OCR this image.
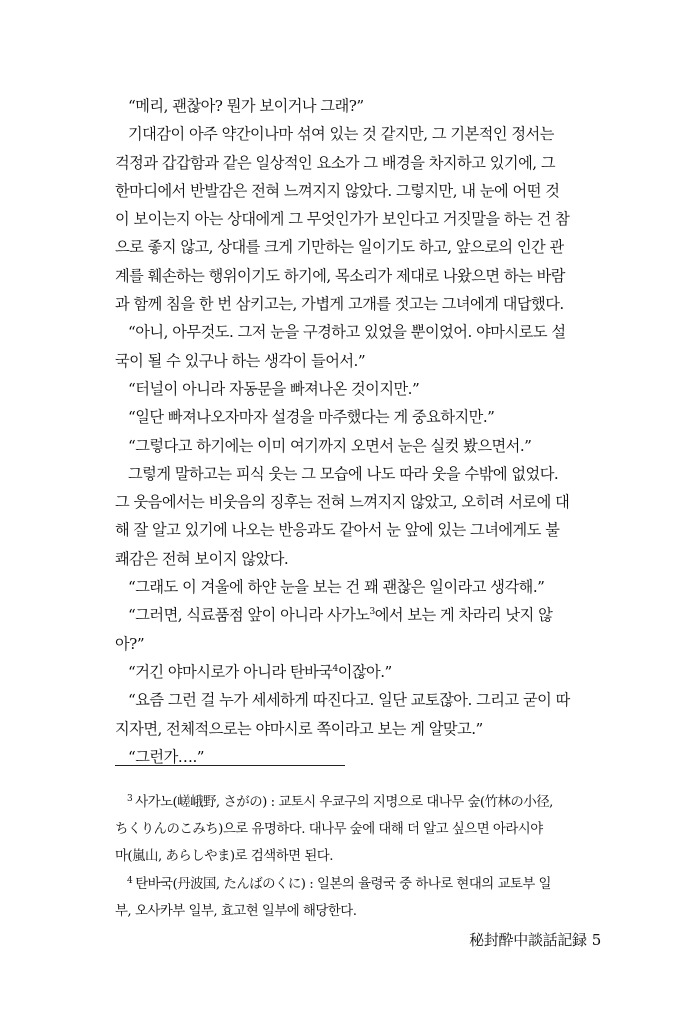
“메리, 괜찮아? 뭔가 보이거나 그래?”
기대감이 아주 약간이나마 섞여 있는 것 같지만, 그 기본적인 정서는
걱정과 갑갑함과 같은 일상적인 요소가 그 배경을 차지하고 있기에, 그
한마디에서 반발감은 전혀 느껴지지 않았다. 그렇지만, 내 눈에 어떤 것
이 보이는지 아는 상대에게 그 무엇인가가 보인다고 거짓말을 하는 건 참
으로 좋지 않고, 상대를 크게 기만하는 일이기도 하고, 앞으로의 인간 관
계를 훼손하는 행위이기도 하기에, 목소리가 제대로 나왔으면 하는 바람
과 함께 침을 한 번 삼키고는, 가볍게 고개를 젓고는 그녀에게 대답했다.
“아니, 아무것도. 그저 눈을 구경하고 있었을 뿐이었어. 야마시로도 설
국이 될 수 있구나 하는 생각이 들어서.”
“터널이 아니라 자동문을 빠져나온 것이지만.”
“일단 빠져나오자마자 설경을 마주했다는 게 중요하지만.”
“그렇다고 하기에는 이미 여기까지 오면서 눈은 실컷 봤으면서.”
그렇게 말하고는 피식 웃는 그 모습에 나도 따라 웃을 수밖에 없었다.
그 웃음에서는 비웃음의 징후는 전혀 느껴지지 않았고, 오히려 서로에 대
해 잘 알고 있기에 나오는 반응과도 같아서 눈 앞에 있는 그녀에게도 불
쾌감은 전혀 보이지 않았다.
“그래도 이 겨울에 하얀 눈을 보는 건 꽤 괜찮은 일이라고 생각해.”
“그러면, 식료품점 앞이 아니라 사가노$^3$에서 보는 게 차라리 낫지 않
아?”
“거긴 야마시로가 아니라 탄바국$^4$이잖아.”
“요즘 그런 걸 누가 세세하게 따진다고. 일단 교토잖아. 그리고 굳이 따
지자면, 전체적으로는 야마시로 쪽이라고 보는 게 알맞고.”
“그런가….”
$^3$ 사가노(嵯峨野, さがの) : 교토시 우쿄구의 지명으로 대나무 숲(竹林の小径,
ちくりんのこみち)으로 유명하다. 대나무 숲에 대해 더 알고 싶으면 아라시야
마(嵐山, あらしやま)로 검색하면 된다.
$^4$ 탄바국(丹波国, たんばのくに) : 일본의 율령국 중 하나로 현대의 교토부 일
부, 오사카부 일부, 효고현 일부에 해당한다.
秘封酔中談話記録 5
